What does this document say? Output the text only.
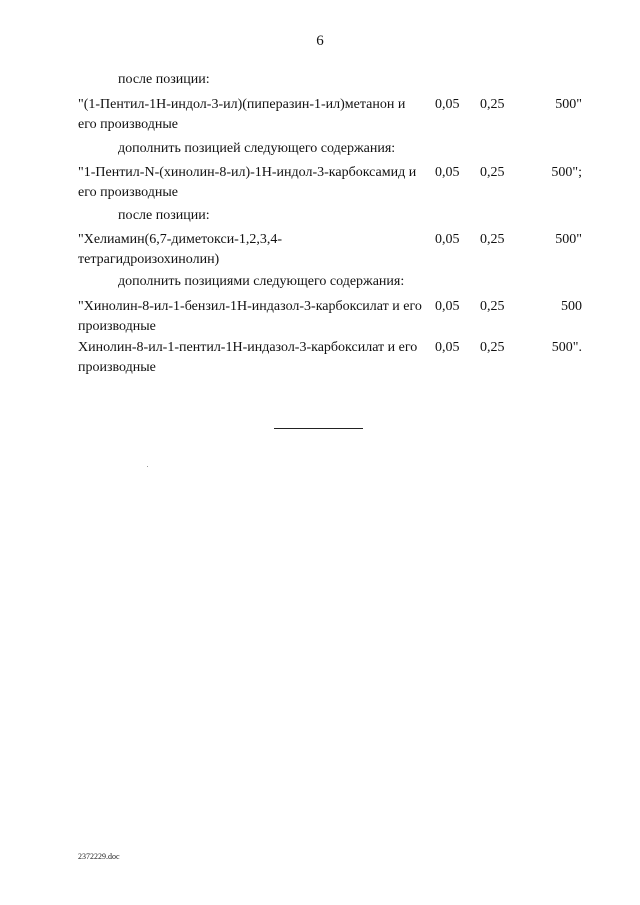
6
после позиции:
"(1-Пентил-1Н-индол-3-ил)(пиперазин-1-ил)метанон и его производные
0,05 0,25	500"
дополнить позицией следующего содержания:
"1-Пентил-N-(хинолин-8-ил)-1Н-индол-3-карбоксамид и его производные
0,05 0,25	500";
после позиции:
"Хелиамин(6,7-диметокси-1,2,3,4-тетрагидроизохинолин)
0,05 0,25	500"
дополнить позициями следующего содержания:
"Хинолин-8-ил-1-бензил-1Н-индазол-3-карбоксилат и его производные
0,05 0,25	500
Хинолин-8-ил-1-пентил-1Н-индазол-3-карбоксилат и его производные
0,05 0,25	500".
2372229.doc
